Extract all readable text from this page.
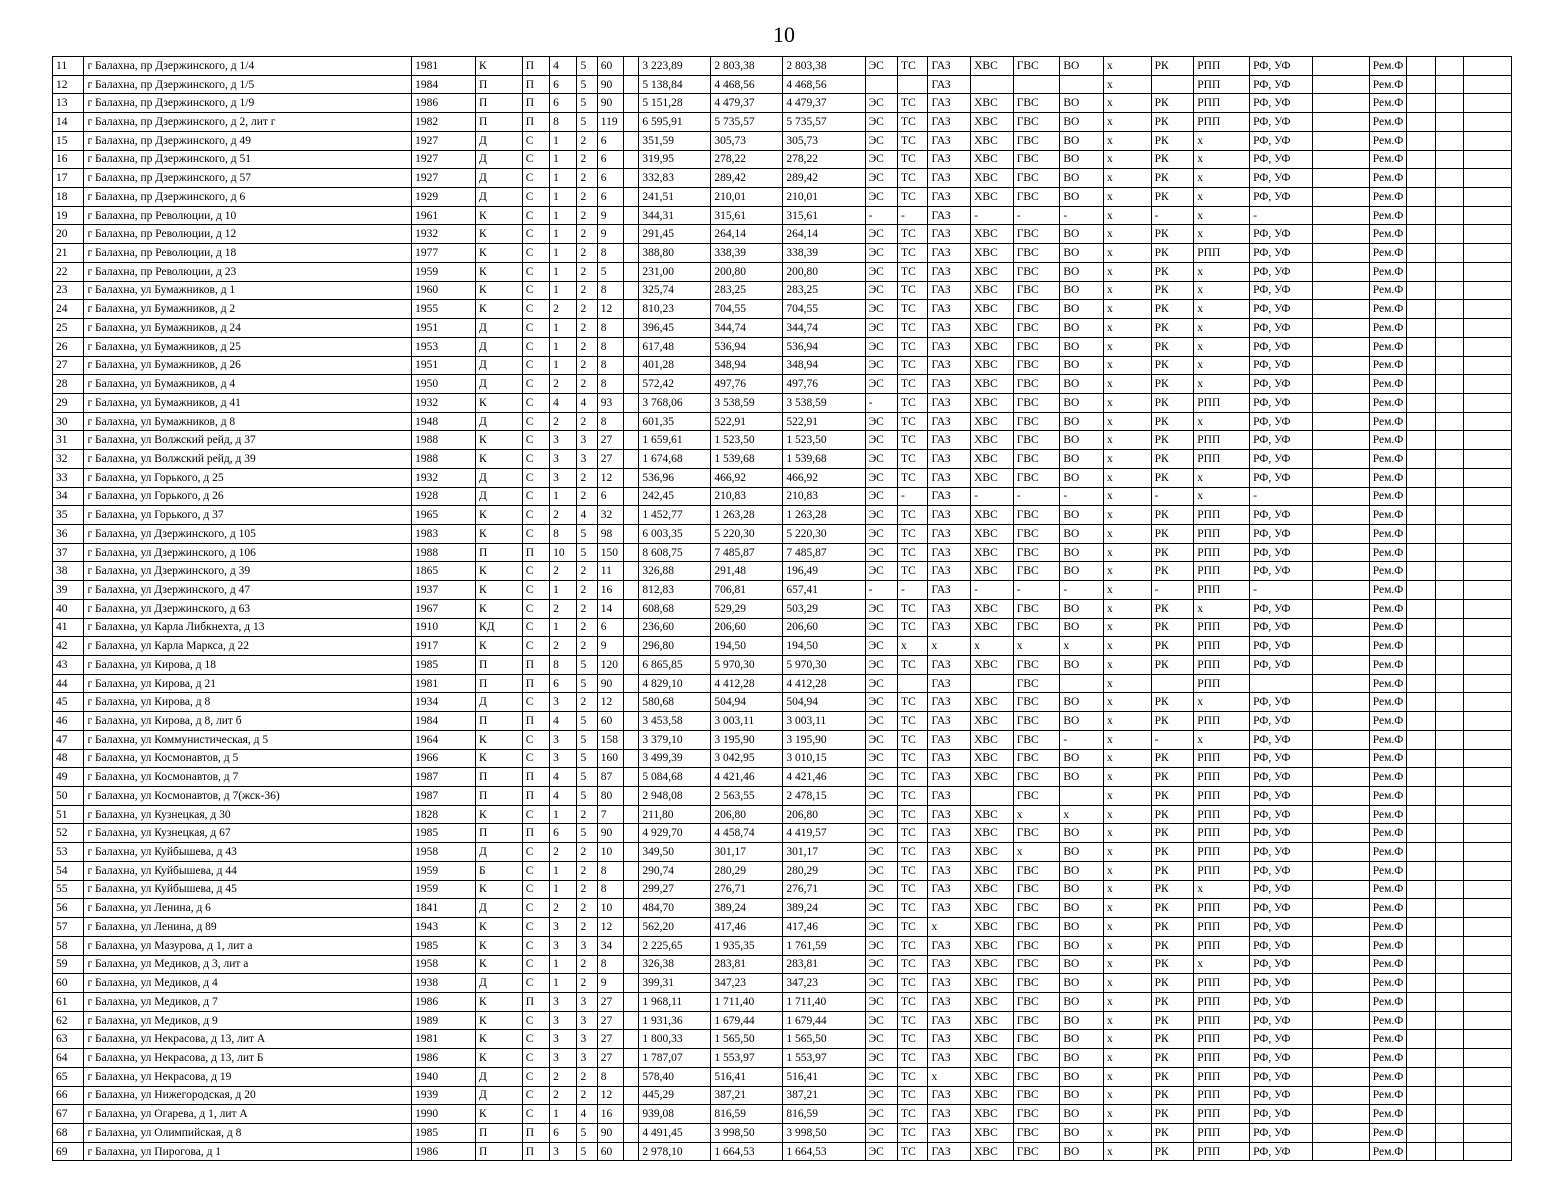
10
11	г Балахна, пр Дзержинского, д 1/4	1981	К	П	4	5	60		3 223,89	2 803,38	2 803,38	ЭС	ТС	ГАЗ	ХВС	ГВС	ВО	х	РК	РПП	РФ, УФ		Рем.Ф			
12	г Балахна, пр Дзержинского, д 1/5	1984	П	П	6	5	90		5 138,84	4 468,56	4 468,56			ГАЗ				х		РПП	РФ, УФ		Рем.Ф			
13	г Балахна, пр Дзержинского, д 1/9	1986	П	П	6	5	90		5 151,28	4 479,37	4 479,37	ЭС	ТС	ГАЗ	ХВС	ГВС	ВО	х	РК	РПП	РФ, УФ		Рем.Ф			
14	г Балахна, пр Дзержинского, д 2, лит г	1982	П	П	8	5	119		6 595,91	5 735,57	5 735,57	ЭС	ТС	ГАЗ	ХВС	ГВС	ВО	х	РК	РПП	РФ, УФ		Рем.Ф			
15	г Балахна, пр Дзержинского, д 49	1927	Д	С	1	2	6		351,59	305,73	305,73	ЭС	ТС	ГАЗ	ХВС	ГВС	ВО	х	РК	х	РФ, УФ		Рем.Ф			
16	г Балахна, пр Дзержинского, д 51	1927	Д	С	1	2	6		319,95	278,22	278,22	ЭС	ТС	ГАЗ	ХВС	ГВС	ВО	х	РК	х	РФ, УФ		Рем.Ф			
17	г Балахна, пр Дзержинского, д 57	1927	Д	С	1	2	6		332,83	289,42	289,42	ЭС	ТС	ГАЗ	ХВС	ГВС	ВО	х	РК	х	РФ, УФ		Рем.Ф			
18	г Балахна, пр Дзержинского, д 6	1929	Д	С	1	2	6		241,51	210,01	210,01	ЭС	ТС	ГАЗ	ХВС	ГВС	ВО	х	РК	х	РФ, УФ		Рем.Ф			
19	г Балахна, пр Революции, д 10	1961	К	С	1	2	9		344,31	315,61	315,61	-	-	ГАЗ	-	-	-	х	-	х	-		Рем.Ф			
20	г Балахна, пр Революции, д 12	1932	К	С	1	2	9		291,45	264,14	264,14	ЭС	ТС	ГАЗ	ХВС	ГВС	ВО	х	РК	х	РФ, УФ		Рем.Ф			
21	г Балахна, пр Революции, д 18	1977	К	С	1	2	8		388,80	338,39	338,39	ЭС	ТС	ГАЗ	ХВС	ГВС	ВО	х	РК	РПП	РФ, УФ		Рем.Ф			
22	г Балахна, пр Революции, д 23	1959	К	С	1	2	5		231,00	200,80	200,80	ЭС	ТС	ГАЗ	ХВС	ГВС	ВО	х	РК	х	РФ, УФ		Рем.Ф			
23	г Балахна, ул Бумажников, д 1	1960	К	С	1	2	8		325,74	283,25	283,25	ЭС	ТС	ГАЗ	ХВС	ГВС	ВО	х	РК	х	РФ, УФ		Рем.Ф			
24	г Балахна, ул Бумажников, д 2	1955	К	С	2	2	12		810,23	704,55	704,55	ЭС	ТС	ГАЗ	ХВС	ГВС	ВО	х	РК	х	РФ, УФ		Рем.Ф			
25	г Балахна, ул Бумажников, д 24	1951	Д	С	1	2	8		396,45	344,74	344,74	ЭС	ТС	ГАЗ	ХВС	ГВС	ВО	х	РК	х	РФ, УФ		Рем.Ф			
26	г Балахна, ул Бумажников, д 25	1953	Д	С	1	2	8		617,48	536,94	536,94	ЭС	ТС	ГАЗ	ХВС	ГВС	ВО	х	РК	х	РФ, УФ		Рем.Ф			
27	г Балахна, ул Бумажников, д 26	1951	Д	С	1	2	8		401,28	348,94	348,94	ЭС	ТС	ГАЗ	ХВС	ГВС	ВО	х	РК	х	РФ, УФ		Рем.Ф			
28	г Балахна, ул Бумажников, д 4	1950	Д	С	2	2	8		572,42	497,76	497,76	ЭС	ТС	ГАЗ	ХВС	ГВС	ВО	х	РК	х	РФ, УФ		Рем.Ф			
29	г Балахна, ул Бумажников, д 41	1932	К	С	4	4	93		3 768,06	3 538,59	3 538,59	-	ТС	ГАЗ	ХВС	ГВС	ВО	х	РК	РПП	РФ, УФ		Рем.Ф			
30	г Балахна, ул Бумажников, д 8	1948	Д	С	2	2	8		601,35	522,91	522,91	ЭС	ТС	ГАЗ	ХВС	ГВС	ВО	х	РК	х	РФ, УФ		Рем.Ф			
31	г Балахна, ул Волжский рейд, д 37	1988	К	С	3	3	27		1 659,61	1 523,50	1 523,50	ЭС	ТС	ГАЗ	ХВС	ГВС	ВО	х	РК	РПП	РФ, УФ		Рем.Ф			
32	г Балахна, ул Волжский рейд, д 39	1988	К	С	3	3	27		1 674,68	1 539,68	1 539,68	ЭС	ТС	ГАЗ	ХВС	ГВС	ВО	х	РК	РПП	РФ, УФ		Рем.Ф			
33	г Балахна, ул Горького, д 25	1932	Д	С	3	2	12		536,96	466,92	466,92	ЭС	ТС	ГАЗ	ХВС	ГВС	ВО	х	РК	х	РФ, УФ		Рем.Ф			
34	г Балахна, ул Горького, д 26	1928	Д	С	1	2	6		242,45	210,83	210,83	ЭС	-	ГАЗ	-	-	-	х	-	х	-		Рем.Ф			
35	г Балахна, ул Горького, д 37	1965	К	С	2	4	32		1 452,77	1 263,28	1 263,28	ЭС	ТС	ГАЗ	ХВС	ГВС	ВО	х	РК	РПП	РФ, УФ		Рем.Ф			
36	г Балахна, ул Дзержинского, д 105	1983	К	С	8	5	98		6 003,35	5 220,30	5 220,30	ЭС	ТС	ГАЗ	ХВС	ГВС	ВО	х	РК	РПП	РФ, УФ		Рем.Ф			
37	г Балахна, ул Дзержинского, д 106	1988	П	П	10	5	150		8 608,75	7 485,87	7 485,87	ЭС	ТС	ГАЗ	ХВС	ГВС	ВО	х	РК	РПП	РФ, УФ		Рем.Ф			
38	г Балахна, ул Дзержинского, д 39	1865	К	С	2	2	11		326,88	291,48	196,49	ЭС	ТС	ГАЗ	ХВС	ГВС	ВО	х	РК	РПП	РФ, УФ		Рем.Ф			
39	г Балахна, ул Дзержинского, д 47	1937	К	С	1	2	16		812,83	706,81	657,41	-	-	ГАЗ	-	-	-	х	-	РПП	-		Рем.Ф			
40	г Балахна, ул Дзержинского, д 63	1967	К	С	2	2	14		608,68	529,29	503,29	ЭС	ТС	ГАЗ	ХВС	ГВС	ВО	х	РК	х	РФ, УФ		Рем.Ф			
41	г Балахна, ул Карла Либкнехта, д 13	1910	КД	С	1	2	6		236,60	206,60	206,60	ЭС	ТС	ГАЗ	ХВС	ГВС	ВО	х	РК	РПП	РФ, УФ		Рем.Ф			
42	г Балахна, ул Карла Маркса, д 22	1917	К	С	2	2	9		296,80	194,50	194,50	ЭС	х	х	х	х	х	х	РК	РПП	РФ, УФ		Рем.Ф			
43	г Балахна, ул Кирова, д 18	1985	П	П	8	5	120		6 865,85	5 970,30	5 970,30	ЭС	ТС	ГАЗ	ХВС	ГВС	ВО	х	РК	РПП	РФ, УФ		Рем.Ф			
44	г Балахна, ул Кирова, д 21	1981	П	П	6	5	90		4 829,10	4 412,28	4 412,28	ЭС		ГАЗ		ГВС		х		РПП			Рем.Ф			
45	г Балахна, ул Кирова, д 8	1934	Д	С	3	2	12		580,68	504,94	504,94	ЭС	ТС	ГАЗ	ХВС	ГВС	ВО	х	РК	х	РФ, УФ		Рем.Ф			
46	г Балахна, ул Кирова, д 8, лит б	1984	П	П	4	5	60		3 453,58	3 003,11	3 003,11	ЭС	ТС	ГАЗ	ХВС	ГВС	ВО	х	РК	РПП	РФ, УФ		Рем.Ф			
47	г Балахна, ул Коммунистическая, д 5	1964	К	С	3	5	158		3 379,10	3 195,90	3 195,90	ЭС	ТС	ГАЗ	ХВС	ГВС	-	х	-	х	РФ, УФ		Рем.Ф			
48	г Балахна, ул Космонавтов, д 5	1966	К	С	3	5	160		3 499,39	3 042,95	3 010,15	ЭС	ТС	ГАЗ	ХВС	ГВС	ВО	х	РК	РПП	РФ, УФ		Рем.Ф			
49	г Балахна, ул Космонавтов, д 7	1987	П	П	4	5	87		5 084,68	4 421,46	4 421,46	ЭС	ТС	ГАЗ	ХВС	ГВС	ВО	х	РК	РПП	РФ, УФ		Рем.Ф			
50	г Балахна, ул Космонавтов, д 7(жск-36)	1987	П	П	4	5	80		2 948,08	2 563,55	2 478,15	ЭС	ТС	ГАЗ		ГВС		х	РК	РПП	РФ, УФ		Рем.Ф			
51	г Балахна, ул Кузнецкая, д 30	1828	К	С	1	2	7		211,80	206,80	206,80	ЭС	ТС	ГАЗ	ХВС	х	х	х	РК	РПП	РФ, УФ		Рем.Ф			
52	г Балахна, ул Кузнецкая, д 67	1985	П	П	6	5	90		4 929,70	4 458,74	4 419,57	ЭС	ТС	ГАЗ	ХВС	ГВС	ВО	х	РК	РПП	РФ, УФ		Рем.Ф			
53	г Балахна, ул Куйбышева, д 43	1958	Д	С	2	2	10		349,50	301,17	301,17	ЭС	ТС	ГАЗ	ХВС	х	ВО	х	РК	РПП	РФ, УФ		Рем.Ф			
54	г Балахна, ул Куйбышева, д 44	1959	Б	С	1	2	8		290,74	280,29	280,29	ЭС	ТС	ГАЗ	ХВС	ГВС	ВО	х	РК	РПП	РФ, УФ		Рем.Ф			
55	г Балахна, ул Куйбышева, д 45	1959	К	С	1	2	8		299,27	276,71	276,71	ЭС	ТС	ГАЗ	ХВС	ГВС	ВО	х	РК	х	РФ, УФ		Рем.Ф			
56	г Балахна, ул Ленина, д 6	1841	Д	С	2	2	10		484,70	389,24	389,24	ЭС	ТС	ГАЗ	ХВС	ГВС	ВО	х	РК	РПП	РФ, УФ		Рем.Ф			
57	г Балахна, ул Ленина, д 89	1943	К	С	3	2	12		562,20	417,46	417,46	ЭС	ТС	х	ХВС	ГВС	ВО	х	РК	РПП	РФ, УФ		Рем.Ф			
58	г Балахна, ул Мазурова, д 1, лит а	1985	К	С	3	3	34		2 225,65	1 935,35	1 761,59	ЭС	ТС	ГАЗ	ХВС	ГВС	ВО	х	РК	РПП	РФ, УФ		Рем.Ф			
59	г Балахна, ул Медиков, д 3, лит а	1958	К	С	1	2	8		326,38	283,81	283,81	ЭС	ТС	ГАЗ	ХВС	ГВС	ВО	х	РК	х	РФ, УФ		Рем.Ф			
60	г Балахна, ул Медиков, д 4	1938	Д	С	1	2	9		399,31	347,23	347,23	ЭС	ТС	ГАЗ	ХВС	ГВС	ВО	х	РК	РПП	РФ, УФ		Рем.Ф			
61	г Балахна, ул Медиков, д 7	1986	К	П	3	3	27		1 968,11	1 711,40	1 711,40	ЭС	ТС	ГАЗ	ХВС	ГВС	ВО	х	РК	РПП	РФ, УФ		Рем.Ф			
62	г Балахна, ул Медиков, д 9	1989	К	С	3	3	27		1 931,36	1 679,44	1 679,44	ЭС	ТС	ГАЗ	ХВС	ГВС	ВО	х	РК	РПП	РФ, УФ		Рем.Ф			
63	г Балахна, ул Некрасова, д 13, лит А	1981	К	С	3	3	27		1 800,33	1 565,50	1 565,50	ЭС	ТС	ГАЗ	ХВС	ГВС	ВО	х	РК	РПП	РФ, УФ		Рем.Ф			
64	г Балахна, ул Некрасова, д 13, лит Б	1986	К	С	3	3	27		1 787,07	1 553,97	1 553,97	ЭС	ТС	ГАЗ	ХВС	ГВС	ВО	х	РК	РПП	РФ, УФ		Рем.Ф			
65	г Балахна, ул Некрасова, д 19	1940	Д	С	2	2	8		578,40	516,41	516,41	ЭС	ТС	х	ХВС	ГВС	ВО	х	РК	РПП	РФ, УФ		Рем.Ф			
66	г Балахна, ул Нижегородская, д 20	1939	Д	С	2	2	12		445,29	387,21	387,21	ЭС	ТС	ГАЗ	ХВС	ГВС	ВО	х	РК	РПП	РФ, УФ		Рем.Ф			
67	г Балахна, ул Огарева, д 1, лит А	1990	К	С	1	4	16		939,08	816,59	816,59	ЭС	ТС	ГАЗ	ХВС	ГВС	ВО	х	РК	РПП	РФ, УФ		Рем.Ф			
68	г Балахна, ул Олимпийская, д 8	1985	П	П	6	5	90		4 491,45	3 998,50	3 998,50	ЭС	ТС	ГАЗ	ХВС	ГВС	ВО	х	РК	РПП	РФ, УФ		Рем.Ф			
69	г Балахна, ул Пирогова, д 1	1986	П	П	3	5	60		2 978,10	1 664,53	1 664,53	ЭС	ТС	ГАЗ	ХВС	ГВС	ВО	х	РК	РПП	РФ, УФ		Рем.Ф			
